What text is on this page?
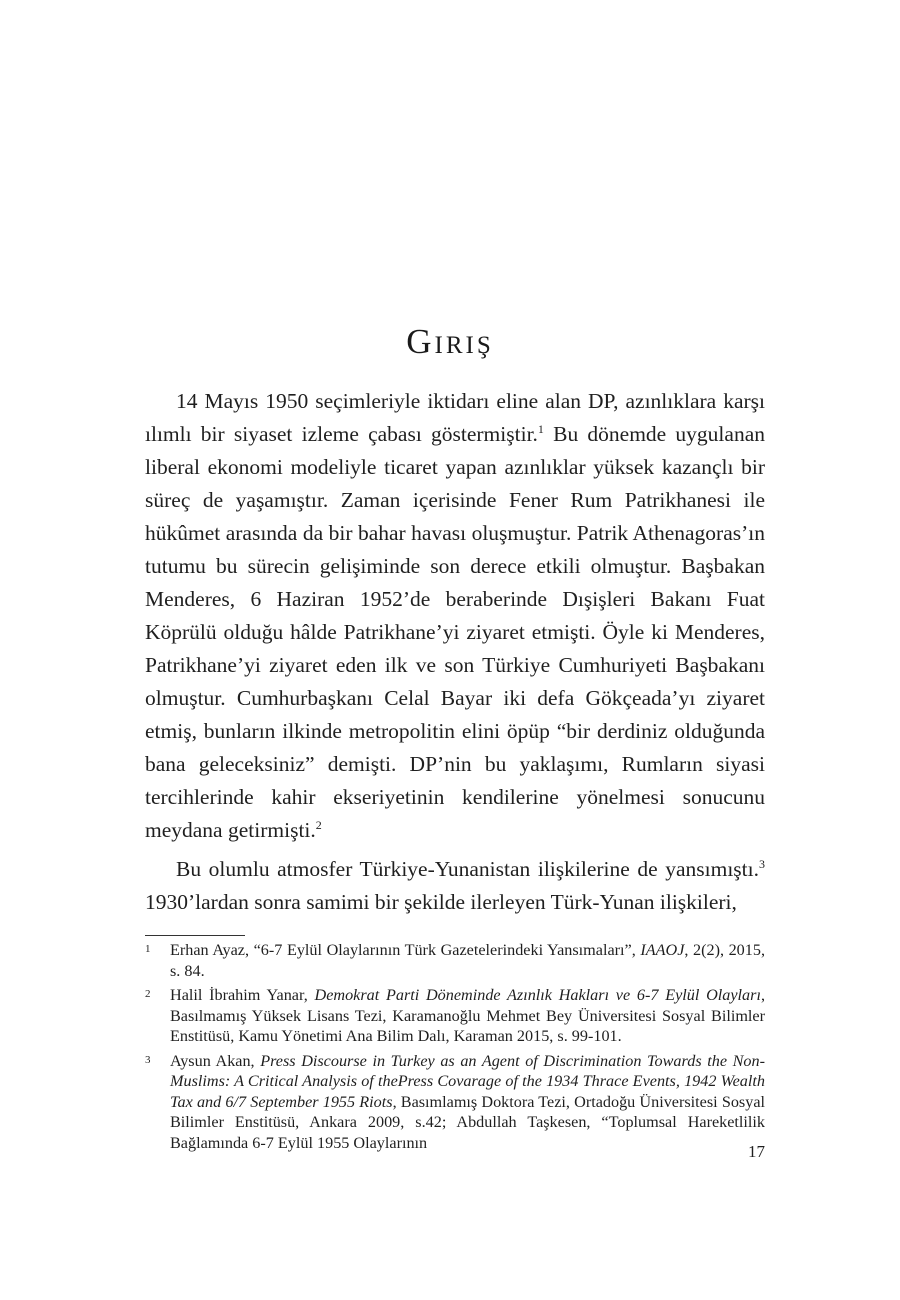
Giriş

14 Mayıs 1950 seçimleriyle iktidarı eline alan DP, azınlıklara karşı ılımlı bir siyaset izleme çabası göstermiştir.$^1$ Bu dönemde uygulanan liberal ekonomi modeliyle ticaret yapan azınlıklar yüksek kazançlı bir süreç de yaşamıştır. Zaman içerisinde Fener Rum Patrikhanesi ile hükûmet arasında da bir bahar havası oluşmuştur. Patrik Athenagoras’ın tutumu bu sürecin gelişiminde son derece etkili olmuştur. Başbakan Menderes, 6 Haziran 1952’de beraberinde Dışişleri Bakanı Fuat Köprülü olduğu hâlde Patrikhane’yi ziyaret etmişti. Öyle ki Menderes, Patrikhane’yi ziyaret eden ilk ve son Türkiye Cumhuriyeti Başbakanı olmuştur. Cumhurbaşkanı Celal Bayar iki defa Gökçeada’yı ziyaret etmiş, bunların ilkinde metropolitin elini öpüp “bir derdiniz olduğunda bana geleceksiniz” demişti. DP’nin bu yaklaşımı, Rumların siyasi tercihlerinde kahir ekseriyetinin kendilerine yönelmesi sonucunu meydana getirmişti.$^2$

Bu olumlu atmosfer Türkiye-Yunanistan ilişkilerine de yansımıştı.$^3$ 1930’lardan sonra samimi bir şekilde ilerleyen Türk-Yunan ilişkileri,

1	Erhan Ayaz, “6-7 Eylül Olaylarının Türk Gazetelerindeki Yansımaları”, IAAOJ, 2(2), 2015, s. 84.
2	Halil İbrahim Yanar, Demokrat Parti Döneminde Azınlık Hakları ve 6-7 Eylül Olayları, Basılmamış Yüksek Lisans Tezi, Karamanoğlu Mehmet Bey Üniversitesi Sosyal Bilimler Enstitüsü, Kamu Yönetimi Ana Bilim Dalı, Karaman 2015, s. 99-101.
3	Aysun Akan, Press Discourse in Turkey as an Agent of Discrimination Towards the Non-Muslims: A Critical Analysis of thePress Covarage of the 1934 Thrace Events, 1942 Wealth Tax and 6/7 September 1955 Riots, Basımlamış Doktora Tezi, Ortadoğu Üniversitesi Sosyal Bilimler Enstitüsü, Ankara 2009, s.42; Abdullah Taşkesen, “Toplumsal Hareketlilik Bağlamında 6-7 Eylül 1955 Olaylarının	17
